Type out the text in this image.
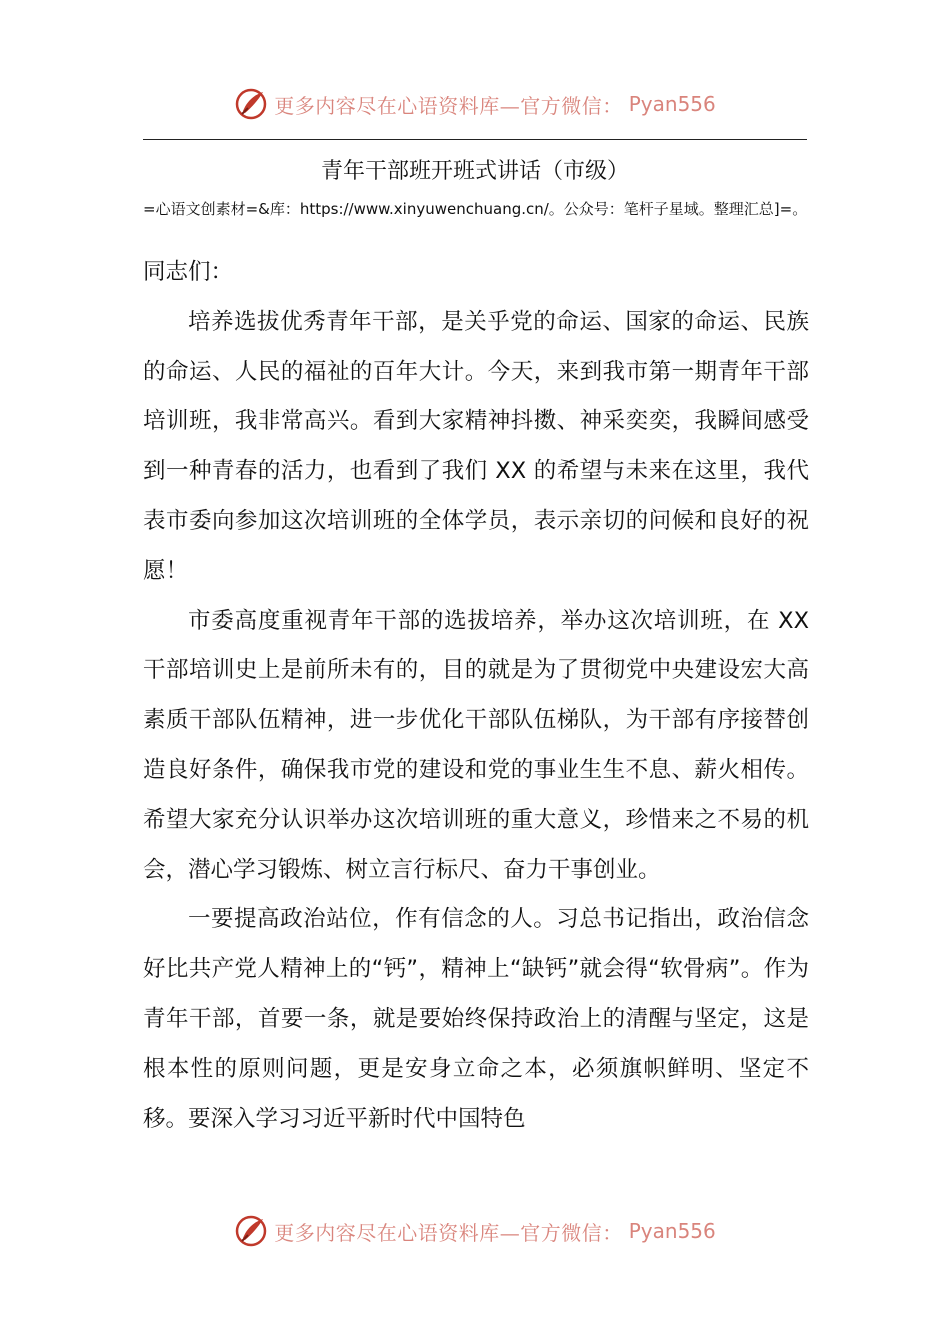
更多内容尽在心语资料库—官方微信： Pyan556
青年干部班开班式讲话（市级）
=心语文创素材=&库：https://www.xinyuwenchuang.cn/。公众号：笔杆子星域。整理汇总]=。

同志们：

培养选拔优秀青年干部，是关乎党的命运、国家的命运、民族的命运、人民的福祉的百年大计。今天，来到我市第一期青年干部培训班，我非常高兴。看到大家精神抖擞、神采奕奕，我瞬间感受到一种青春的活力，也看到了我们 XX 的希望与未来在这里，我代表市委向参加这次培训班的全体学员，表示亲切的问候和良好的祝愿！

市委高度重视青年干部的选拔培养，举办这次培训班，在 XX 干部培训史上是前所未有的，目的就是为了贯彻党中央建设宏大高素质干部队伍精神，进一步优化干部队伍梯队，为干部有序接替创造良好条件，确保我市党的建设和党的事业生生不息、薪火相传。希望大家充分认识举办这次培训班的重大意义，珍惜来之不易的机会，潜心学习锻炼、树立言行标尺、奋力干事创业。

一要提高政治站位，作有信念的人。习总书记指出，政治信念好比共产党人精神上的“钙”，精神上“缺钙”就会得“软骨病”。作为青年干部，首要一条，就是要始终保持政治上的清醒与坚定，这是根本性的原则问题，更是安身立命之本，必须旗帜鲜明、坚定不移。要深入学习习近平新时代中国特色

更多内容尽在心语资料库—官方微信： Pyan556
